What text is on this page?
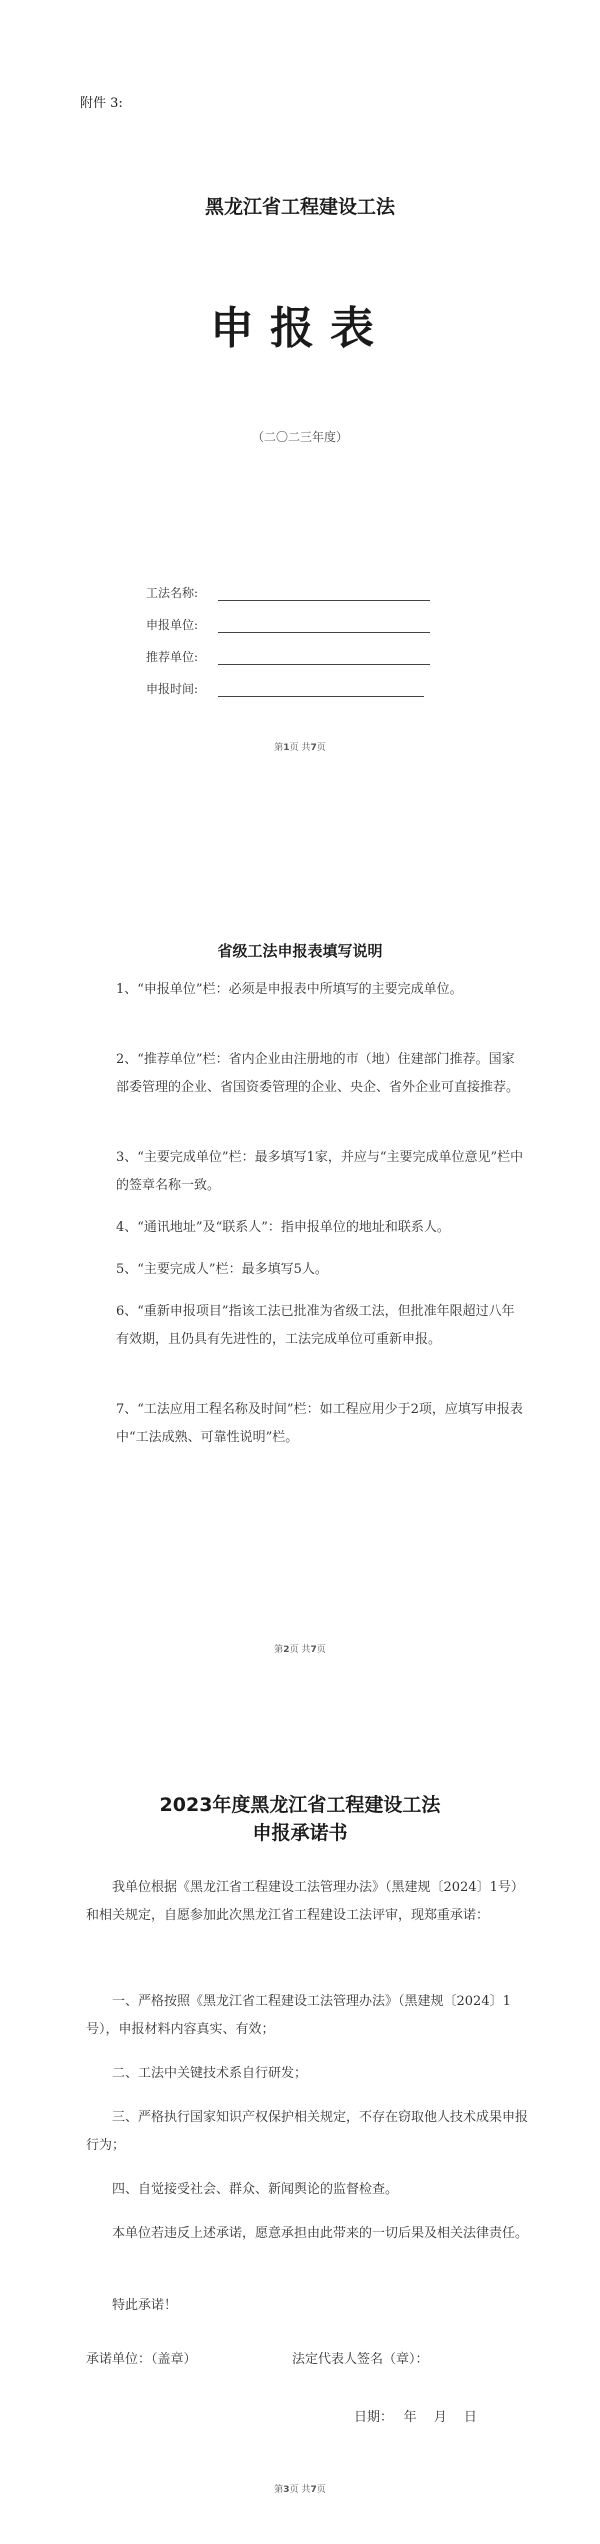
附件 3:
黑龙江省工程建设工法
申报表
（二〇二三年度）
工法名称:
申报单位:
推荐单位:
申报时间:
第1页 共7页
省级工法申报表填写说明
1、“申报单位”栏：必须是申报表中所填写的主要完成单位。
2、“推荐单位”栏：省内企业由注册地的市（地）住建部门推荐。国家部委管理的企业、省国资委管理的企业、央企、省外企业可直接推荐。
3、“主要完成单位”栏：最多填写1家，并应与“主要完成单位意见”栏中的签章名称一致。
4、“通讯地址”及“联系人”：指申报单位的地址和联系人。
5、“主要完成人”栏：最多填写5人。
6、“重新申报项目”指该工法已批准为省级工法，但批准年限超过八年有效期，且仍具有先进性的，工法完成单位可重新申报。
7、“工法应用工程名称及时间”栏：如工程应用少于2项，应填写申报表中“工法成熟、可靠性说明”栏。
第2页 共7页
2023年度黑龙江省工程建设工法
申报承诺书
我单位根据《黑龙江省工程建设工法管理办法》（黑建规〔2024〕1号）和相关规定，自愿参加此次黑龙江省工程建设工法评审，现郑重承诺：
一、严格按照《黑龙江省工程建设工法管理办法》（黑建规〔2024〕1号），申报材料内容真实、有效；
二、工法中关键技术系自行研发；
三、严格执行国家知识产权保护相关规定，不存在窃取他人技术成果申报行为；
四、自觉接受社会、群众、新闻舆论的监督检查。
本单位若违反上述承诺，愿意承担由此带来的一切后果及相关法律责任。
特此承诺！
承诺单位：（盖章）	法定代表人签名（章）：
日期：　 年　 月　 日
第3页 共7页
